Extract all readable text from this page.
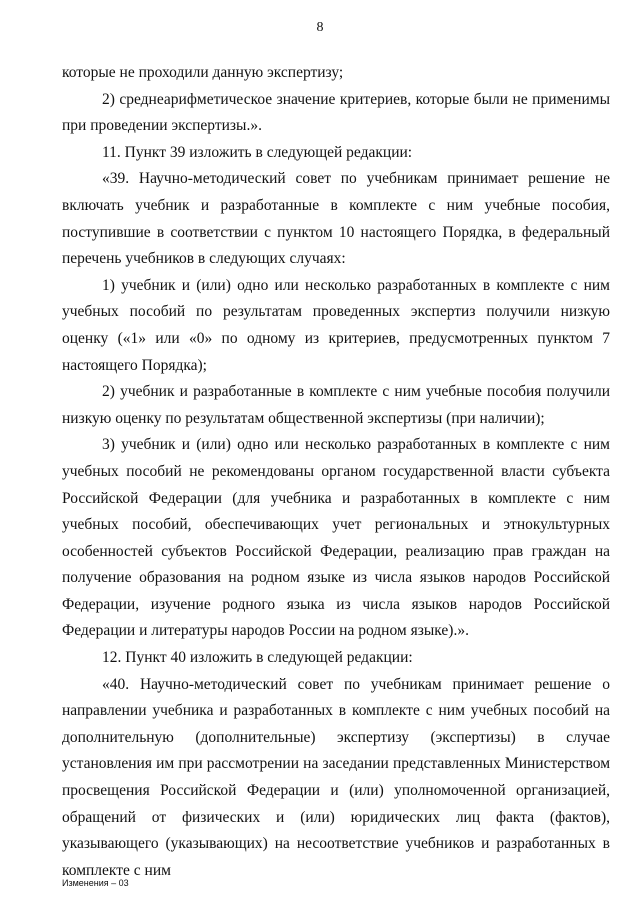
8

которые не проходили данную экспертизу;

2) среднеарифметическое значение критериев, которые были не применимы при проведении экспертизы.».

11. Пункт 39 изложить в следующей редакции:

«39. Научно-методический совет по учебникам принимает решение не включать учебник и разработанные в комплекте с ним учебные пособия, поступившие в соответствии с пунктом 10 настоящего Порядка, в федеральный перечень учебников в следующих случаях:

1) учебник и (или) одно или несколько разработанных в комплекте с ним учебных пособий по результатам проведенных экспертиз получили низкую оценку («1» или «0» по одному из критериев, предусмотренных пунктом 7 настоящего Порядка);

2) учебник и разработанные в комплекте с ним учебные пособия получили низкую оценку по результатам общественной экспертизы (при наличии);

3) учебник и (или) одно или несколько разработанных в комплекте с ним учебных пособий не рекомендованы органом государственной власти субъекта Российской Федерации (для учебника и разработанных в комплекте с ним учебных пособий, обеспечивающих учет региональных и этнокультурных особенностей субъектов Российской Федерации, реализацию прав граждан на получение образования на родном языке из числа языков народов Российской Федерации, изучение родного языка из числа языков народов Российской Федерации и литературы народов России на родном языке).».

12. Пункт 40 изложить в следующей редакции:

«40. Научно-методический совет по учебникам принимает решение о направлении учебника и разработанных в комплекте с ним учебных пособий на дополнительную (дополнительные) экспертизу (экспертизы) в случае установления им при рассмотрении на заседании представленных Министерством просвещения Российской Федерации и (или) уполномоченной организацией, обращений от физических и (или) юридических лиц факта (фактов), указывающего (указывающих) на несоответствие учебников и разработанных в комплекте с ним

Изменения – 03
